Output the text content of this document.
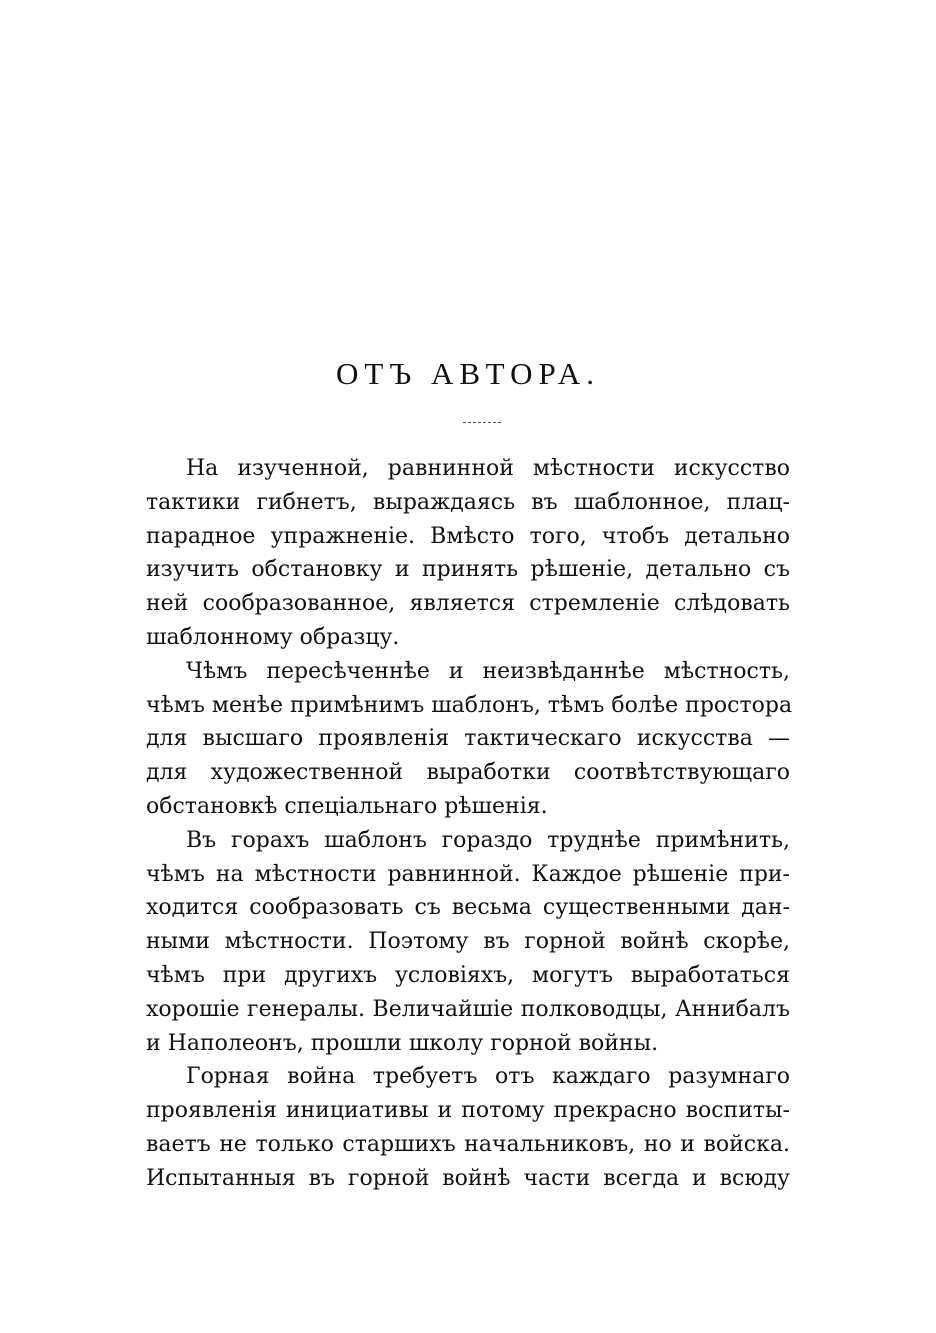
ОТЪ АВТОРА.
На изученной, равнинной мѣстности искусство
тактики гибнетъ, выраждаясь въ шаблонное, плац-
парадное упражненіе. Вмѣсто того, чтобъ детально
изучить обстановку и принять рѣшеніе, детально съ
ней сообразованное, является стремленіе слѣдовать
шаблонному образцу.
Чѣмъ пересѣченнѣе и неизвѣданнѣе мѣстность,
чѣмъ менѣе примѣнимъ шаблонъ, тѣмъ болѣе простора
для высшаго проявленія тактическаго искусства —
для художественной выработки соотвѣтствующаго
обстановкѣ спеціальнаго рѣшенія.
Въ горахъ шаблонъ гораздо труднѣе примѣнить,
чѣмъ на мѣстности равнинной. Каждое рѣшеніе при-
ходится сообразовать съ весьма существенными дан-
ными мѣстности. Поэтому въ горной войнѣ скорѣе,
чѣмъ при другихъ условіяхъ, могутъ выработаться
хорошіе генералы. Величайшіе полководцы, Аннибалъ
и Наполеонъ, прошли школу горной войны.
Горная война требуетъ отъ каждаго разумнаго
проявленія инициативы и потому прекрасно воспиты-
ваетъ не только старшихъ начальниковъ, но и войска.
Испытанныя въ горной войнѣ части всегда и всюду
